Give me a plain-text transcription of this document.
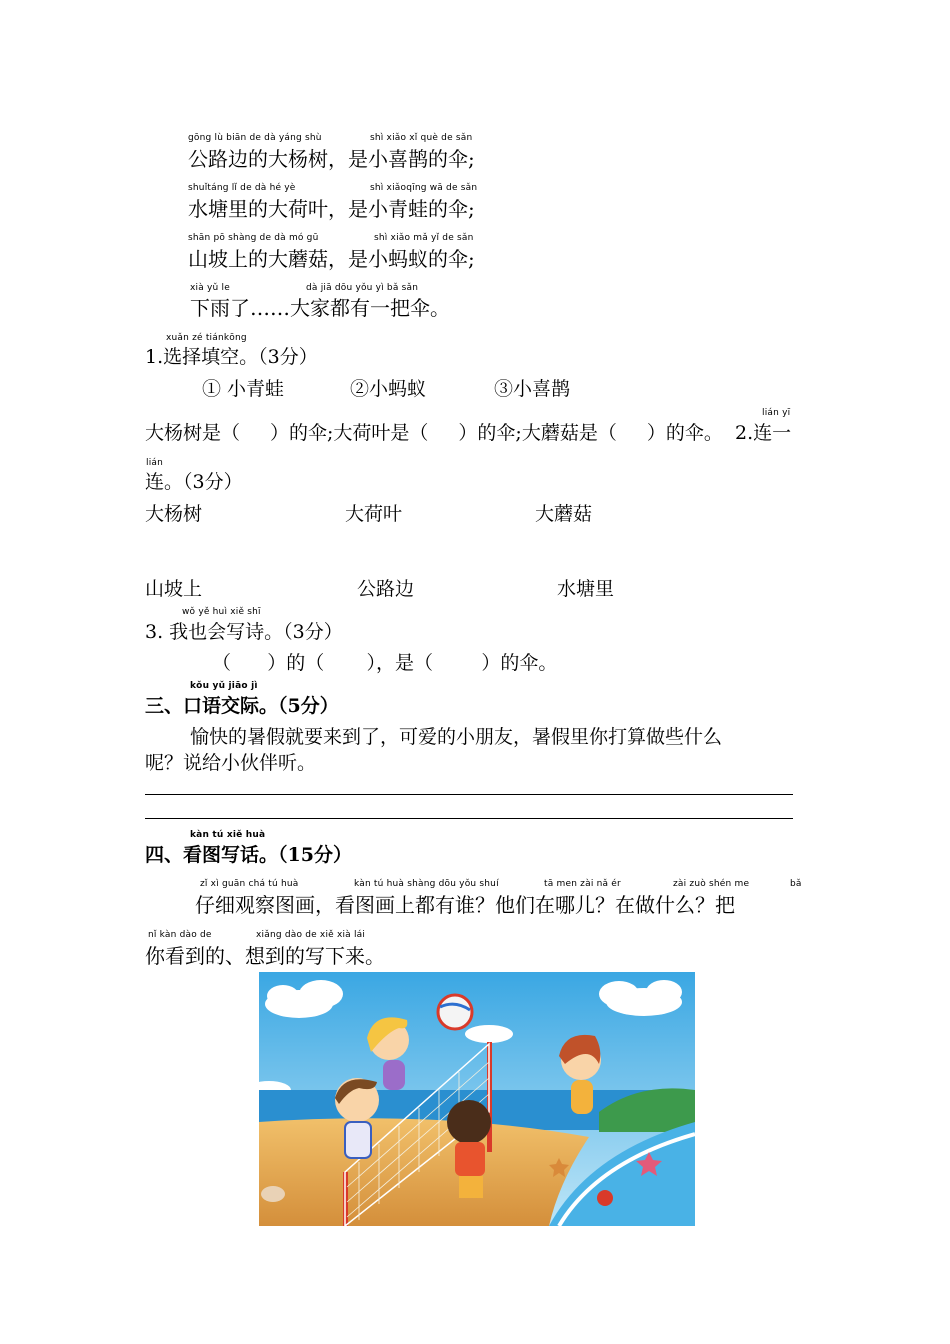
gōng lù biān de dà yáng shù	shì xiǎo xǐ què de sǎn
公路边的大杨树，是小喜鹊的伞;
shuǐtáng lǐ de dà hé yè	shì xiǎoqīng wā de sǎn
水塘里的大荷叶，是小青蛙的伞;
shān pō shàng de dà mó gū	shì xiǎo mǎ yǐ de sǎn
山坡上的大蘑菇，是小蚂蚁的伞;
xià yǔ le	dà jiā dōu yǒu yì bǎ sǎn
下雨了……大家都有一把伞。
xuǎn zé tiánkōng
1.选择填空。（3分）
① 小青蛙	②小蚂蚁	③小喜鹊
大杨树是（ ）的伞;大荷叶是（ ）的伞;大蘑菇是（ ）的伞。
lián yī
2.连一
lián
连。（3分）
大杨树	大荷叶	大蘑菇
山坡上	公路边	水塘里
wǒ yě huì xiě shī
3. 我也会写诗。（3分）
（      ）的（       ），是（        ）的伞。
kǒu yǔ jiāo jì
三、口语交际。（5分）
愉快的暑假就要来到了，可爱的小朋友，暑假里你打算做些什么
呢？说给小伙伴听。
kàn tú xiě huà
四、看图写话。（15分）
zǐ xì guān chá tú huà	kàn tú huà shàng dōu yǒu shuí	tā men zài nǎ ér	zài zuò shén me	bǎ
仔细观察图画，看图画上都有谁？他们在哪儿？在做什么？把
nǐ kàn dào de	xiǎng dào de xiě xià lái
你看到的、想到的写下来。
